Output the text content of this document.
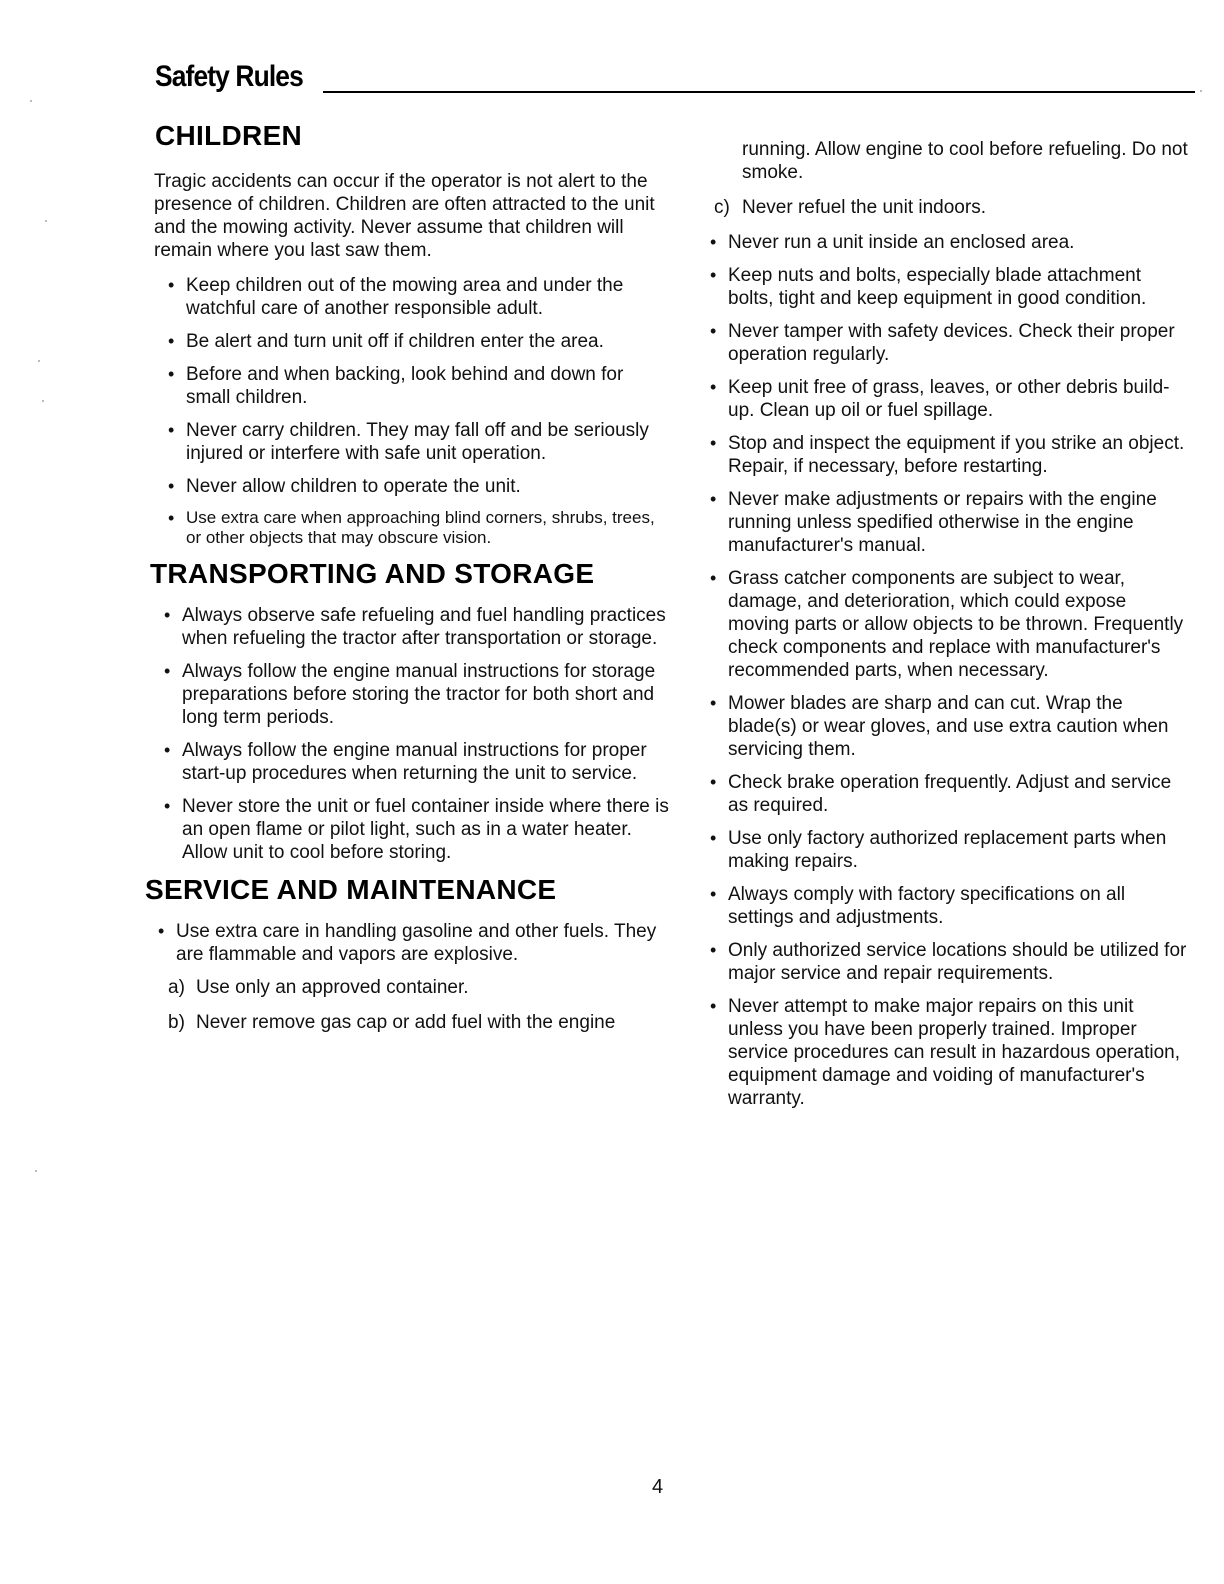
Safety Rules
CHILDREN

Tragic accidents can occur if the operator is not alert to the presence of children. Children are often attracted to the unit and the mowing activity. Never assume that children will remain where you last saw them.

• Keep children out of the mowing area and under the watchful care of another responsible adult.
• Be alert and turn unit off if children enter the area.
• Before and when backing, look behind and down for small children.
• Never carry children. They may fall off and be seriously injured or interfere with safe unit operation.
• Never allow children to operate the unit.
• Use extra care when approaching blind corners, shrubs, trees, or other objects that may obscure vision.
TRANSPORTING AND STORAGE
• Always observe safe refueling and fuel handling practices when refueling the tractor after transportation or storage.
• Always follow the engine manual instructions for storage preparations before storing the tractor for both short and long term periods.
• Always follow the engine manual instructions for proper start-up procedures when returning the unit to service.
• Never store the unit or fuel container inside where there is an open flame or pilot light, such as in a water heater. Allow unit to cool before storing.
SERVICE AND MAINTENANCE
• Use extra care in handling gasoline and other fuels. They are flammable and vapors are explosive.
a) Use only an approved container.
b) Never remove gas cap or add fuel with the engine

running. Allow engine to cool before refueling. Do not smoke.

c) Never refuel the unit indoors.
• Never run a unit inside an enclosed area.
• Keep nuts and bolts, especially blade attachment bolts, tight and keep equipment in good condition.
• Never tamper with safety devices. Check their proper operation regularly.
• Keep unit free of grass, leaves, or other debris build-up. Clean up oil or fuel spillage.
• Stop and inspect the equipment if you strike an object. Repair, if necessary, before restarting.
• Never make adjustments or repairs with the engine running unless spedified otherwise in the engine manufacturer's manual.
• Grass catcher components are subject to wear, damage, and deterioration, which could expose moving parts or allow objects to be thrown. Frequently check components and replace with manufacturer's recommended parts, when necessary.
• Mower blades are sharp and can cut. Wrap the blade(s) or wear gloves, and use extra caution when servicing them.
• Check brake operation frequently. Adjust and service as required.
• Use only factory authorized replacement parts when making repairs.
• Always comply with factory specifications on all settings and adjustments.
• Only authorized service locations should be utilized for major service and repair requirements.
• Never attempt to make major repairs on this unit unless you have been properly trained. Improper service procedures can result in hazardous operation, equipment damage and voiding of manufacturer's warranty.
4
